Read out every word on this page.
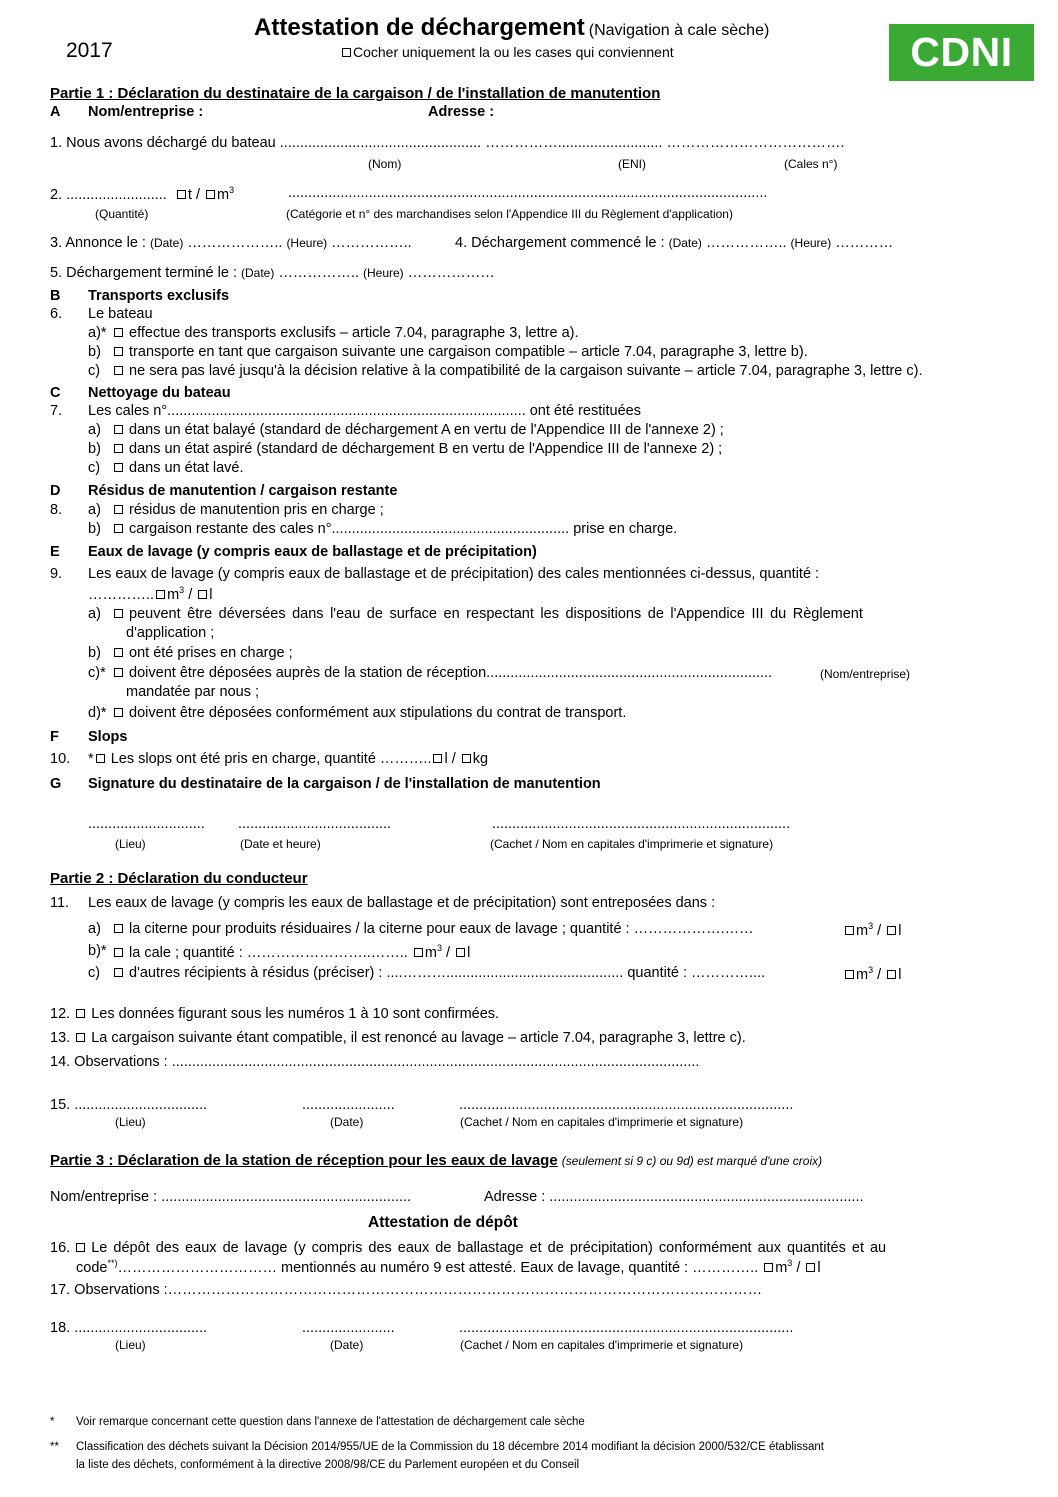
2017
Attestation de déchargement (Navigation à cale sèche)
Cocher uniquement la ou les cases qui conviennent	CDNI
Partie 1 : Déclaration du destinataire de la cargaison / de l'installation de manutention
A Nom/entreprise :	Adresse :
1. Nous avons déchargé du bateau .................................................. …………….......................... ……………………………….
(Nom)	(ENI)	(Cales n°)
2. ......................... t / $m^3$	.......................................................................................................................
(Quantité)	(Catégorie et n° des marchandises selon l'Appendice III du Règlement d'application)
3. Annonce le : (Date) ……………….. (Heure) ……………..	4. Déchargement commencé le : (Date) …………….. (Heure) …………
5. Déchargement terminé le : (Date) …………….. (Heure) ………………
B Transports exclusifs
6. Le bateau
a)*	effectue des transports exclusifs – article 7.04, paragraphe 3, lettre a).
b)	transporte en tant que cargaison suivante une cargaison compatible – article 7.04, paragraphe 3, lettre b).
c)	ne sera pas lavé jusqu'à la décision relative à la compatibilité de la cargaison suivante – article 7.04, paragraphe 3, lettre c).
C Nettoyage du bateau
7. Les cales n°......................................................................................... ont été restituées
a)	dans un état balayé (standard de déchargement A en vertu de l'Appendice III de l'annexe 2) ;
b)	dans un état aspiré (standard de déchargement B en vertu de l'Appendice III de l'annexe 2) ;
c)	dans un état lavé.
D Résidus de manutention / cargaison restante
8. a)	résidus de manutention pris en charge ;
b)	cargaison restante des cales n°........................................................... prise en charge.
E Eaux de lavage (y compris eaux de ballastage et de précipitation)
9. Les eaux de lavage (y compris eaux de ballastage et de précipitation) des cales mentionnées ci-dessus, quantité :
………….. $m^3$ / l
a)	peuvent être déversées dans l'eau de surface en respectant les dispositions de l'Appendice III du Règlement
d'application ;
b)	ont été prises en charge ;
c)*	doivent être déposées auprès de la station de réception.......................................................................	(Nom/entreprise)
mandatée par nous ;
d)*	doivent être déposées conformément aux stipulations du contrat de transport.
F Slops
10. * Les slops ont été pris en charge, quantité ……….. l / kg
G Signature du destinataire de la cargaison / de l'installation de manutention
............................. ......................................	..........................................................................
(Lieu)	(Date et heure)	(Cachet / Nom en capitales d'imprimerie et signature)
Partie 2 : Déclaration du conducteur
11. Les eaux de lavage (y compris les eaux de ballastage et de précipitation) sont entreposées dans :
a)	la citerne pour produits résiduaires / la citerne pour eaux de lavage ; quantité : ……………….……	$m^3$ / l
b)*	la cale ; quantité : ……………………..…….. $m^3$ / l
c)	d'autres récipients à résidus (préciser) : ....………............................................ quantité : …………....	$m^3$ / l
12. Les données figurant sous les numéros 1 à 10 sont confirmées.
13. La cargaison suivante étant compatible, il est renoncé au lavage – article 7.04, paragraphe 3, lettre c).
14. Observations : ...................................................................................................................................
15. .................................	.......................	...................................................................................
(Lieu)	(Date)	(Cachet / Nom en capitales d'imprimerie et signature)
Partie 3 : Déclaration de la station de réception pour les eaux de lavage (seulement si 9 c) ou 9d) est marqué d'une croix)
Nom/entreprise : ..............................................................	Adresse : ..............................................................................
Attestation de dépôt
16. Le dépôt des eaux de lavage (y compris des eaux de ballastage et de précipitation) conformément aux quantités et au
code**)…………………………… mentionnés au numéro 9 est attesté. Eaux de lavage, quantité : ………….. $m^3$ / l
17. Observations :……………………………………………………………………………………………………………
18. .................................	.......................	...................................................................................
(Lieu)	(Date)	(Cachet / Nom en capitales d'imprimerie et signature)
* Voir remarque concernant cette question dans l'annexe de l'attestation de déchargement cale sèche
** Classification des déchets suivant la Décision 2014/955/UE de la Commission du 18 décembre 2014 modifiant la décision 2000/532/CE établissant
la liste des déchets, conformément à la directive 2008/98/CE du Parlement européen et du Conseil
